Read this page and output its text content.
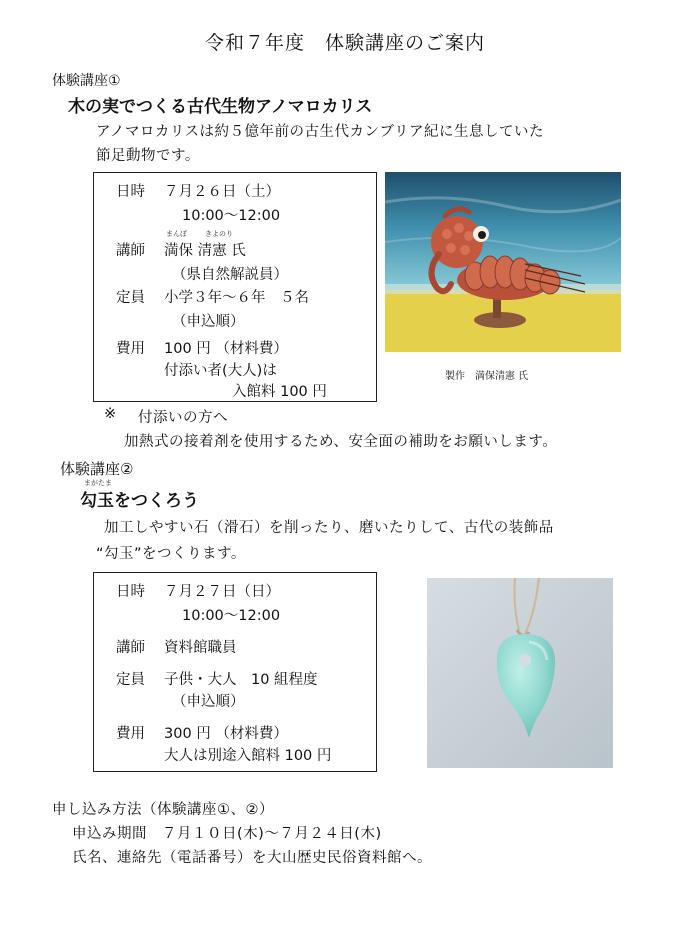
令和７年度　体験講座のご案内
体験講座①
木の実でつくる古代生物アノマロカリス
アノマロカリスは約５億年前の古生代カンブリア紀に生息していた
節足動物です。
日時 ７月２６日（土）
10:00～12:00
まんぼ	きよのり
講師 満保 清憲 氏
（県自然解説員）
定員 小学３年～６年　５名
（申込順）
費用 100 円 （材料費）
付添い者(大人)は
入館料 100 円
製作　満保清憲 氏
※ 付添いの方へ
加熱式の接着剤を使用するため、安全面の補助をお願いします。
体験講座②
まがたま
勾玉をつくろう
加工しやすい石（滑石）を削ったり、磨いたりして、古代の装飾品
“勾玉”をつくります。
日時 ７月２７日（日）
10:00～12:00
講師 資料館職員
定員 子供・大人　10 組程度
（申込順）
費用 300 円 （材料費）
大人は別途入館料 100 円
申し込み方法（体験講座①、②）
申込み期間　７月１０日(木)～７月２４日(木)
氏名、連絡先（電話番号）を大山歴史民俗資料館へ。
